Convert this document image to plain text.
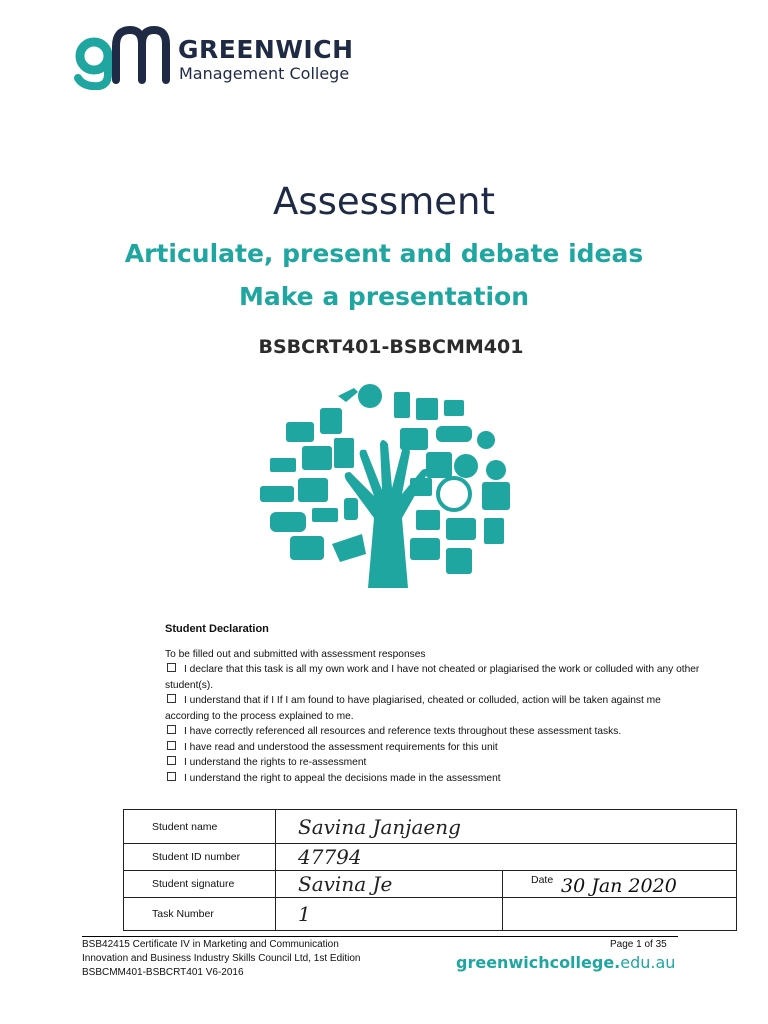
GREENWICH
Management College
Assessment
Articulate, present and debate ideas
Make a presentation
BSBCRT401-BSBCMM401
Student Declaration
To be filled out and submitted with assessment responses
I declare that this task is all my own work and I have not cheated or plagiarised the work or colluded with any other student(s).
I understand that if I If I am found to have plagiarised, cheated or colluded, action will be taken against me according to the process explained to me.
I have correctly referenced all resources and reference texts throughout these assessment tasks.
I have read and understood the assessment requirements for this unit
I understand the rights to re-assessment
I understand the right to appeal the decisions made in the assessment
Student name	Savina Janjaeng	
Student ID number	47794	
Student signature	Savina Je	Date 30 Jan 2020

Task Number	1	
BSB42415 Certificate IV in Marketing and Communication
Innovation and Business Industry Skills Council Ltd, 1st Edition
BSBCMM401-BSBCRT401 V6-2016
Page 1 of 35
greenwichcollege.edu.au
